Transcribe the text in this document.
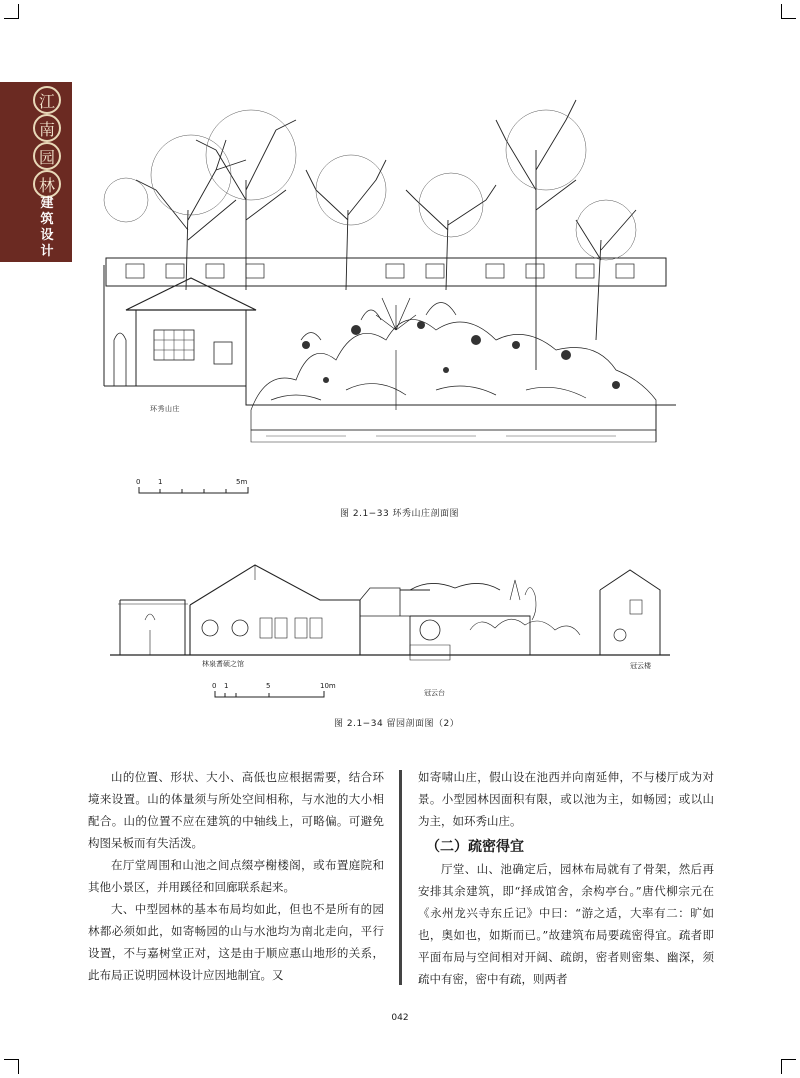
江
南
园
林
建筑设计
环秀山庄
0	1	5m
图 2.1−33 环秀山庄剖面图
林泉耆硕之馆
冠云台
冠云楼
0 1	5	10m
图 2.1−34 留园剖面图（2）

山的位置、形状、大小、高低也应根据需要，结合环境来设置。山的体量须与所处空间相称，与水池的大小相配合。山的位置不应在建筑的中轴线上，可略偏。可避免构图呆板而有失活泼。

在厅堂周围和山池之间点缀亭榭楼阁，或布置庭院和其他小景区，并用蹊径和回廊联系起来。

大、中型园林的基本布局均如此，但也不是所有的园林都必须如此，如寄畅园的山与水池均为南北走向，平行设置，不与嘉树堂正对，这是由于顺应惠山地形的关系，此布局正说明园林设计应因地制宜。又

如寄啸山庄，假山设在池西并向南延伸，不与楼厅成为对景。小型园林因面积有限，或以池为主，如畅园；或以山为主，如环秀山庄。

（二）疏密得宜

厅堂、山、池确定后，园林布局就有了骨架，然后再安排其余建筑，即“择成馆舍，余构亭台。”唐代柳宗元在《永州龙兴寺东丘记》中曰：“游之适，大率有二：旷如也，奥如也，如斯而已。”故建筑布局要疏密得宜。疏者即平面布局与空间相对开阔、疏朗，密者则密集、幽深，须疏中有密，密中有疏，则两者

042
